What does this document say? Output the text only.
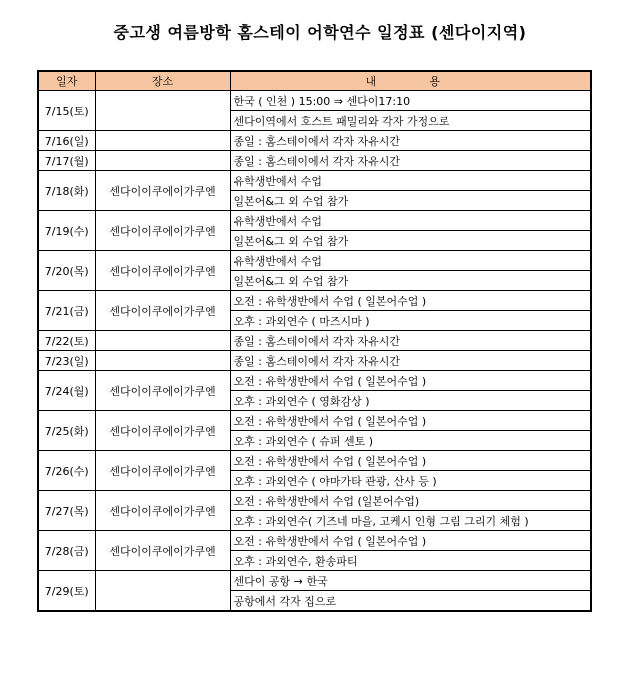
중고생 여름방학 홈스테이 어학연수 일정표 (센다이지역)
일자	장소	내 용

7/15(토)		한국 ( 인천 ) 15:00 ⇒ 센다이17:10
		센다이역에서 호스트 패밀리와 각자 가정으로
7/16(일)		종일 : 홈스테이에서 각자 자유시간
7/17(월)		종일 : 홈스테이에서 각자 자유시간
7/18(화)	센다이이쿠에이가쿠엔	유학생반에서 수업
		일본어&그 외 수업 참가
7/19(수)	센다이이쿠에이가쿠엔	유학생반에서 수업
		일본어&그 외 수업 참가
7/20(목)	센다이이쿠에이가쿠엔	유학생반에서 수업
		일본어&그 외 수업 참가
7/21(금)	센다이이쿠에이가쿠엔	오전 : 유학생반에서 수업 ( 일본어수업 )
		오후 : 과외연수 ( 마즈시마 )
7/22(토)		종일 : 홈스테이에서 각자 자유시간
7/23(일)		종일 : 홈스테이에서 각자 자유시간
7/24(월)	센다이이쿠에이가쿠엔	오전 : 유학생반에서 수업 ( 일본어수업 )
		오후 : 과외연수 ( 영화감상 )
7/25(화)	센다이이쿠에이가쿠엔	오전 : 유학생반에서 수업 ( 일본어수업 )
		오후 : 과외연수 ( 슈퍼 센토 )
7/26(수)	센다이이쿠에이가쿠엔	오전 : 유학생반에서 수업 ( 일본어수업 )
		오후 : 과외연수 ( 야마가타 관광, 산사 등 )
7/27(목)	센다이이쿠에이가쿠엔	오전 : 유학생반에서 수업 (일본어수업)
		오후 : 과외연수( 기즈네 마을, 고케시 인형 그림 그리기 체험 )
7/28(금)	센다이이쿠에이가쿠엔	오전 : 유학생반에서 수업 ( 일본어수업 )
		오후 : 과외연수, 환송파티
7/29(토)		센다이 공항 → 한국
		공항에서 각자 집으로
